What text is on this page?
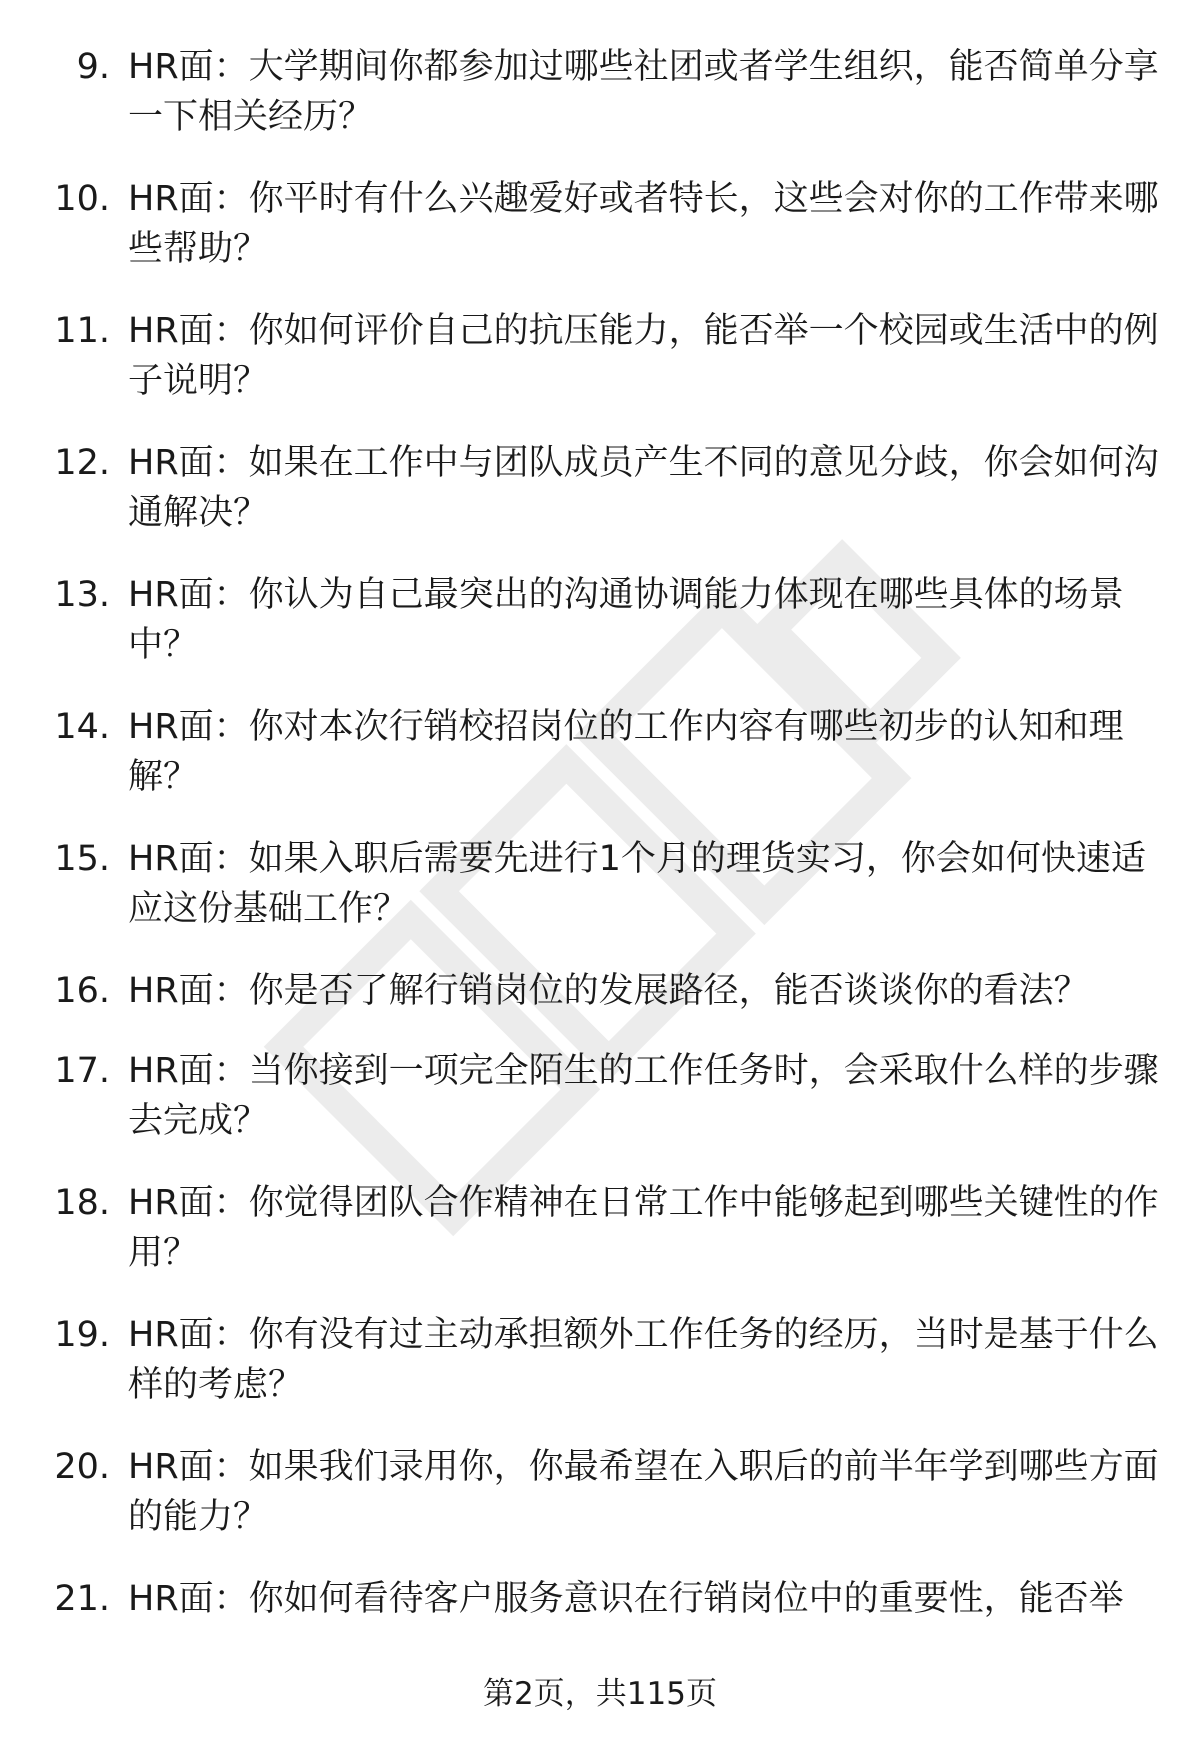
9. HR面：大学期间你都参加过哪些社团或者学生组织，能否简单分享一下相关经历？
10. HR面：你平时有什么兴趣爱好或者特长，这些会对你的工作带来哪些帮助？
11. HR面：你如何评价自己的抗压能力，能否举一个校园或生活中的例子说明？
12. HR面：如果在工作中与团队成员产生不同的意见分歧，你会如何沟通解决？
13. HR面：你认为自己最突出的沟通协调能力体现在哪些具体的场景中？
14. HR面：你对本次行销校招岗位的工作内容有哪些初步的认知和理解？
15. HR面：如果入职后需要先进行1个月的理货实习，你会如何快速适应这份基础工作？
16. HR面：你是否了解行销岗位的发展路径，能否谈谈你的看法？
17. HR面：当你接到一项完全陌生的工作任务时，会采取什么样的步骤去完成？
18. HR面：你觉得团队合作精神在日常工作中能够起到哪些关键性的作用？
19. HR面：你有没有过主动承担额外工作任务的经历，当时是基于什么样的考虑？
20. HR面：如果我们录用你，你最希望在入职后的前半年学到哪些方面的能力？
21. HR面：你如何看待客户服务意识在行销岗位中的重要性，能否举
第2页，共115页
